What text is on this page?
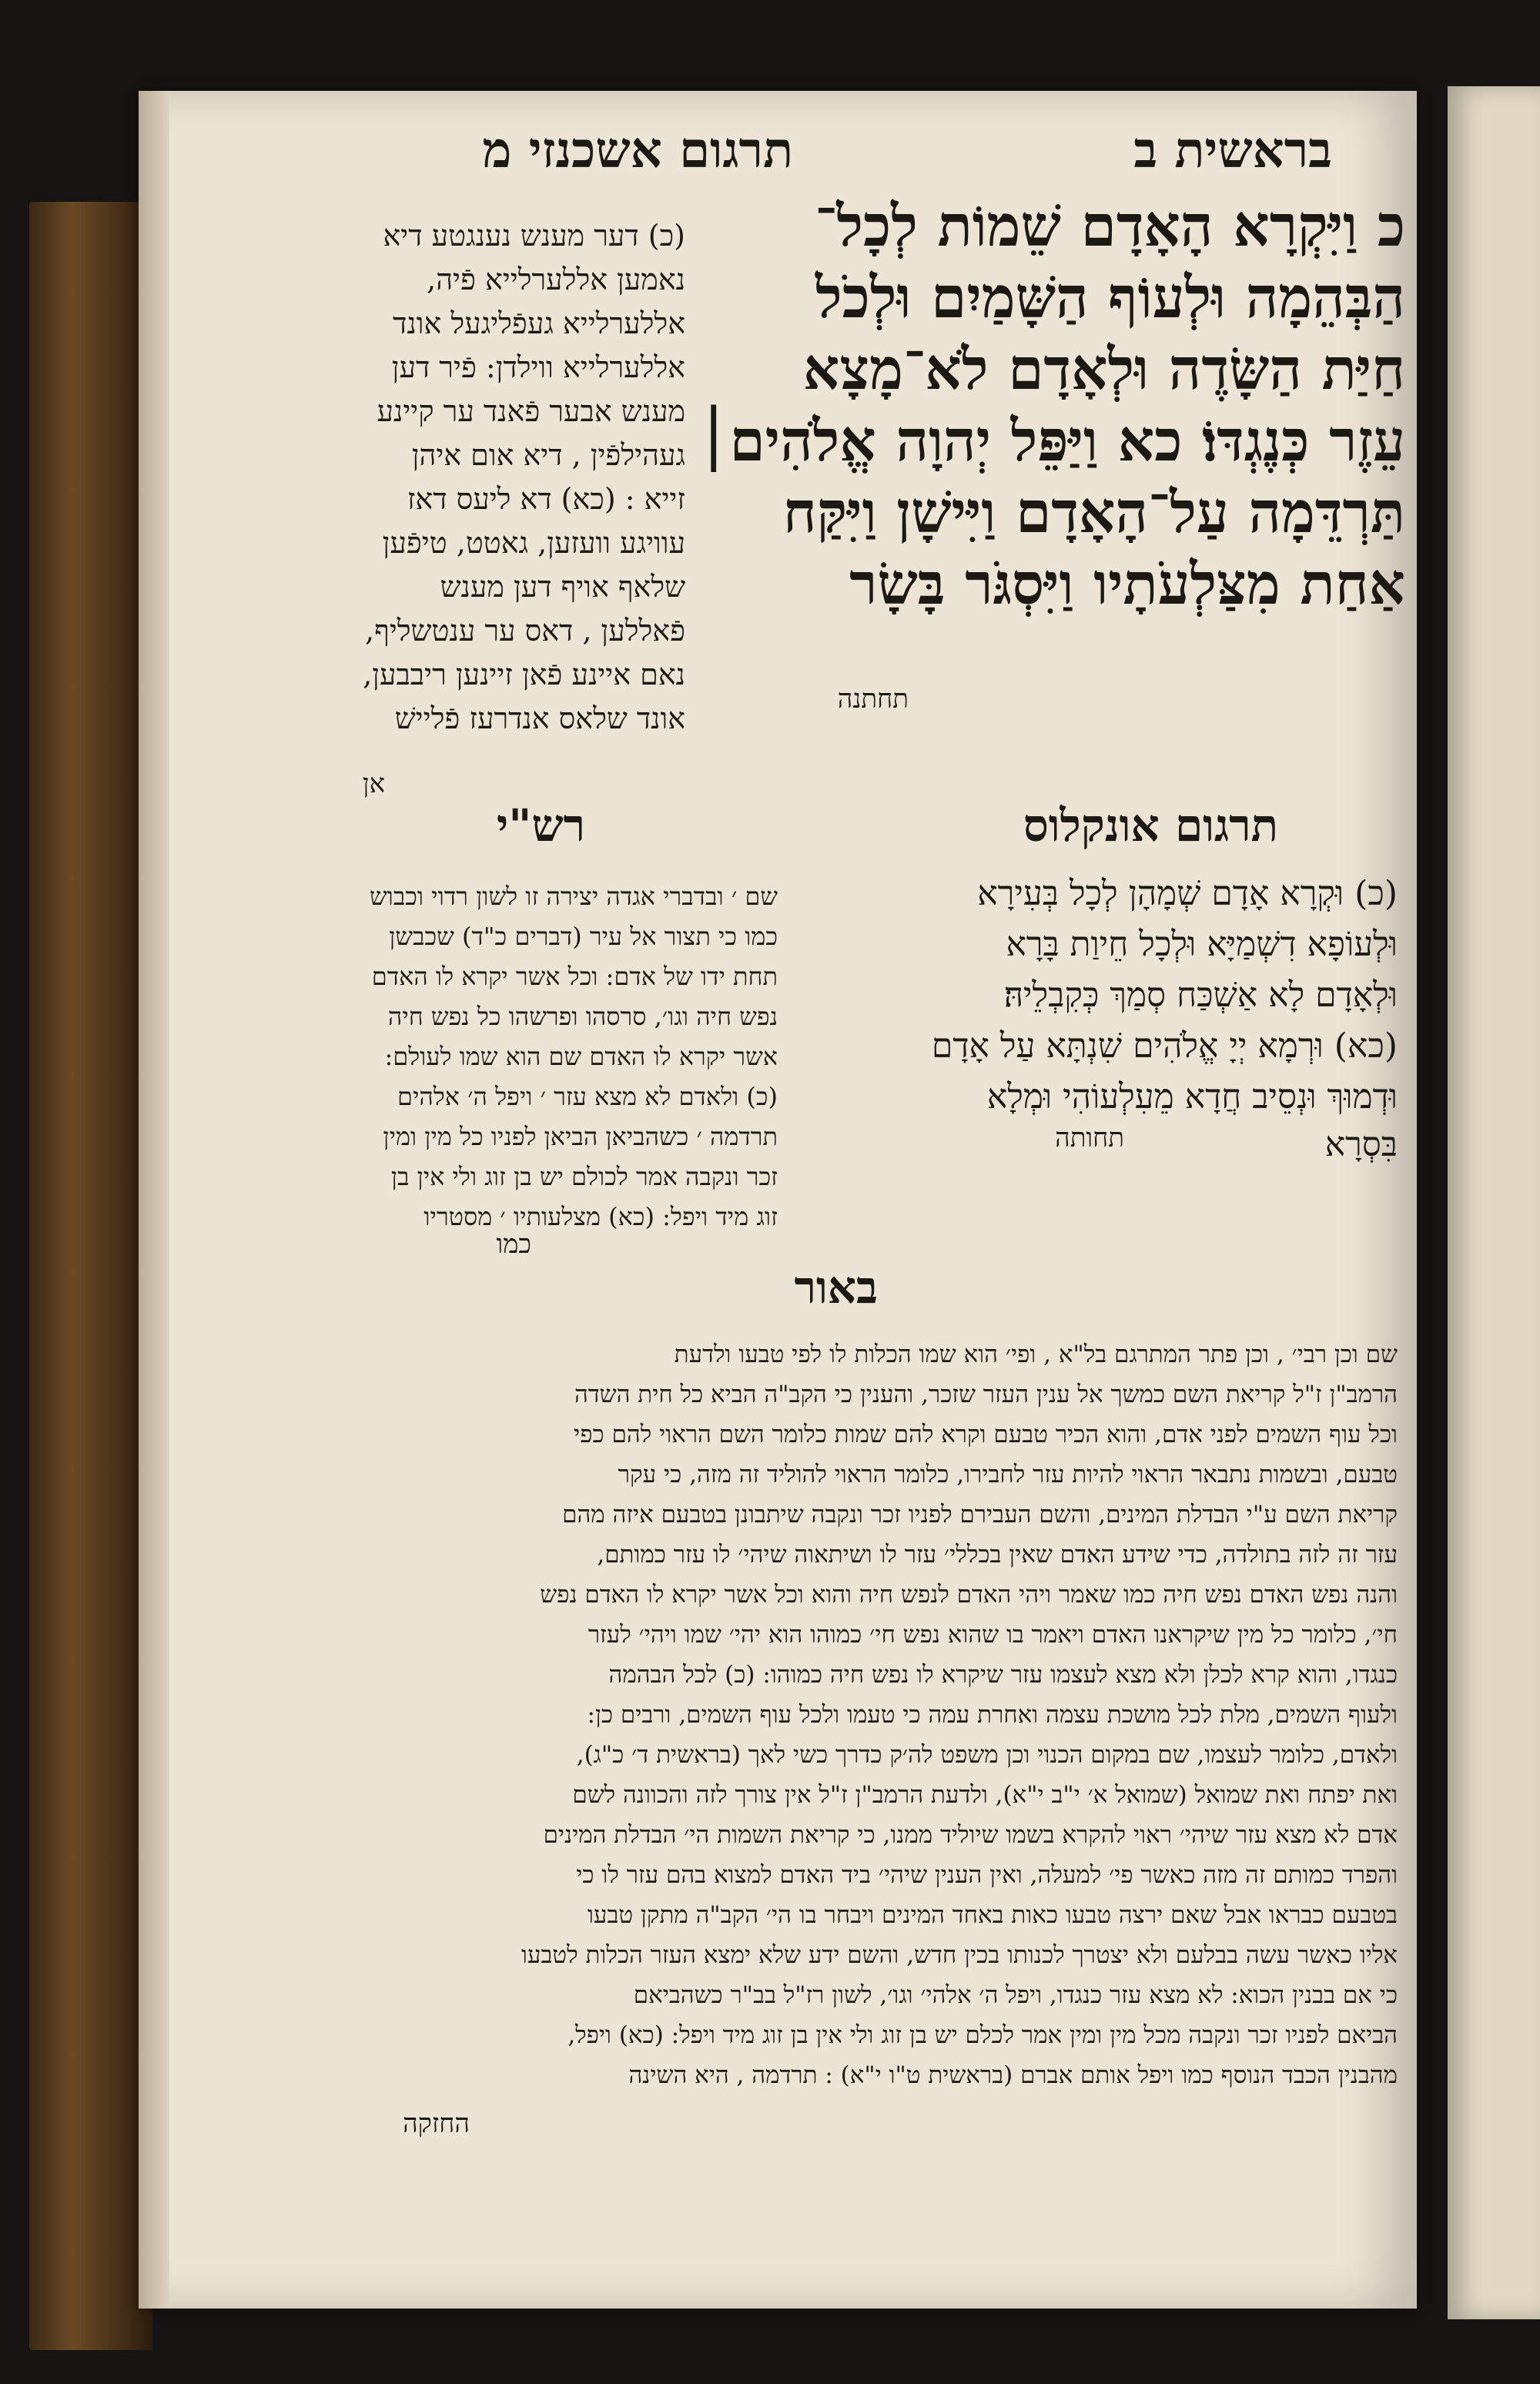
תרגום אשכנזי מ	בראשית ב
כ וַיִּקְרָא הָאָדָם שֵׁמוֹת לְכָל־
הַבְּהֵמָה וּלְעוֹף הַשָּׁמַיִם וּלְכֹל
חַיַּת הַשָּׂדֶה וּלְאָדָם לֹא־מָצָא
עֵזֶר כְּנֶגְדּוֹ׃ כא וַיַּפֵּל יְהוָה אֱלֹהִים׀
תַּרְדֵּמָה עַל־הָאָדָם וַיִּישָׁן וַיִּקַּח
אַחַת מִצַּלְעֹתָיו וַיִּסְגֹּר בָּשָׂר
תחתנה
(כ) דער מענש נענגטע דיא
נאמען אללערלייא פֿיה,
אללערלייא געפֿליגעל אונד
אללערלייא ווילדן: פֿיר דען
מענש אבער פֿאנד ער קיינע
געהילפֿין , דיא אום איהן
זייא : (כא) דא ליעס דאז
עוויגע וועזען, גאטט, טיפֿען
שלאף אויף דען מענש
פֿאללען , דאס ער ענטשליף,
נאם איינע פֿאן זיינען ריבבען,
אונד שלאס אנדרעז פֿליישׁ
אן
תרגום אונקלוס
רש"י
(כ) וּקְרָא אָדָם שְׁמָהָן לְכָל בְּעִירָא
וּלְעוֹפָא דִשְׁמַיָּא וּלְכָל חֵיוַת בָּרָא
וּלְאָדָם לָא אַשְׁכַּח סְמַךְ כְּקִבְלֵיהּ׃
(כא) וּרְמָא יְיָ אֱלֹהִים שִׁנְתָּא עַל אָדָם
וּדְמוּךְ וּנְסֵיב חֲדָא מֵעִלְעוֹהִי וּמְלָא
בִּסְרָא
תחותה
שם ׳ ובדברי אגדה יצירה זו לשון רדוי וכבוש
כמו כי תצור אל עיר (דברים כ"ד) שכבשן
תחת ידו של אדם: וכל אשר יקרא לו האדם
נפש חיה וגו׳, סרסהו ופרשהו כל נפש חיה
אשר יקרא לו האדם שם הוא שמו לעולם:
(כ) ולאדם לא מצא עזר ׳ ויפל ה׳ אלהים
תרדמה ׳ כשהביאן הביאן לפניו כל מין ומין
זכר ונקבה אמר לכולם יש בן זוג ולי אין בן
זוג מיד ויפל: (כא) מצלעותיו ׳ מסטריו
כמו
באור
שם וכן רבי׳ , וכן פתר המתרגם בל"א , ופי׳ הוא שמו הכלות לו לפי טבעו ולדעת
הרמב"ן ז"ל קריאת השם כמשך אל ענין העזר שזכר, והענין כי הקב"ה הביא כל חית השדה
וכל עוף השמים לפני אדם, והוא הכיר טבעם וקרא להם שמות כלומר השם הראוי להם כפי
טבעם, ובשמות נתבאר הראוי להיות עזר לחבירו, כלומר הראוי להוליד זה מזה, כי עקר
קריאת השם ע"י הבדלת המינים, והשם העבירם לפניו זכר ונקבה שיתבונן בטבעם איזה מהם
עזר זה לזה בתולדה, כדי שידע האדם שאין בכללי׳ עזר לו ושיתאוה שיהי׳ לו עזר כמותם,
והנה נפש האדם נפש חיה כמו שאמר ויהי האדם לנפש חיה והוא וכל אשר יקרא לו האדם נפש
חי׳, כלומר כל מין שיקראנו האדם ויאמר בו שהוא נפש חי׳ כמוהו הוא יהי׳ שמו ויהי׳ לעזר
כנגדו, והוא קרא לכלן ולא מצא לעצמו עזר שיקרא לו נפש חיה כמוהו: (כ) לכל הבהמה
ולעוף השמים, מלת לכל מושכת עצמה ואחרת עמה כי טעמו ולכל עוף השמים, ורבים כן:
ולאדם, כלומר לעצמו, שם במקום הכנוי וכן משפט לה׳ק כדרך כשי לאך (בראשית ד׳ כ"ג),
ואת יפתח ואת שמואל (שמואל א׳ י"ב י"א), ולדעת הרמב"ן ז"ל אין צורך לזה והכוונה לשם
אדם לא מצא עזר שיהי׳ ראוי להקרא בשמו שיוליד ממנו, כי קריאת השמות הי׳ הבדלת המינים
והפרד כמותם זה מזה כאשר פי׳ למעלה, ואין הענין שיהי׳ ביד האדם למצוא בהם עזר לו כי
בטבעם כבראו אבל שאם ירצה טבעו כאות באחד המינים ויבחר בו הי׳ הקב"ה מתקן טבעו
אליו כאשר עשה בבלעם ולא יצטרך לכנותו בכין חדש, והשם ידע שלא ימצא העזר הכלות לטבעו
כי אם בבנין הכוא: לא מצא עזר כנגדו, ויפל ה׳ אלהי׳ וגו׳, לשון רז"ל בב"ר כשהביאם
הביאם לפניו זכר ונקבה מכל מין ומין אמר לכלם יש בן זוג ולי אין בן זוג מיד ויפל: (כא) ויפל,
מהבנין הכבד הנוסף כמו ויפל אותם אברם (בראשית ט"ו י"א) : תרדמה , היא השינה
החזקה
